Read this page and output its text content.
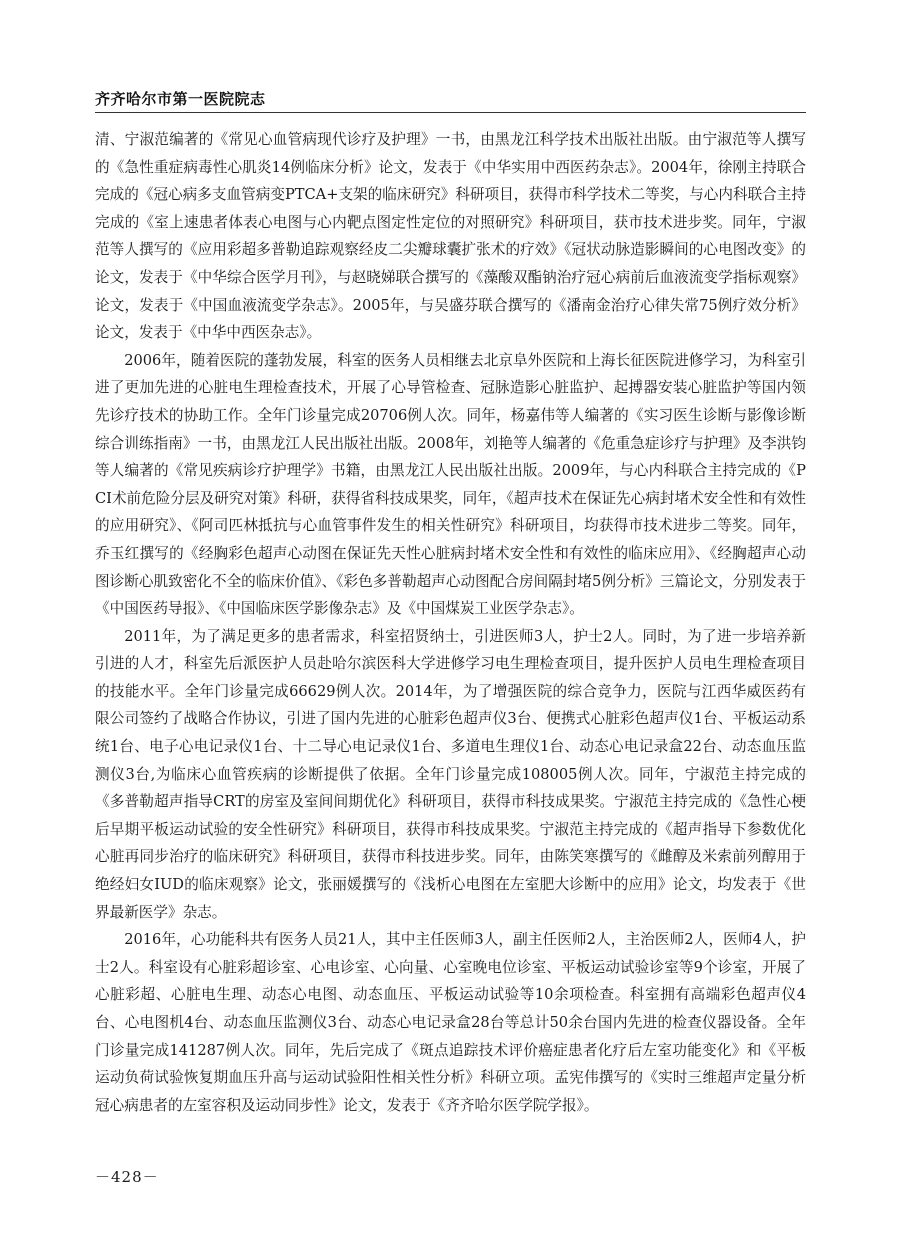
齐齐哈尔市第一医院院志

清、宁淑范编著的《常见心血管病现代诊疗及护理》一书，由黑龙江科学技术出版社出版。由宁淑范等人撰写的《急性重症病毒性心肌炎14例临床分析》论文，发表于《中华实用中西医药杂志》。2004年，徐刚主持联合完成的《冠心病多支血管病变PTCA+支架的临床研究》科研项目，获得市科学技术二等奖，与心内科联合主持完成的《室上速患者体表心电图与心内靶点图定性定位的对照研究》科研项目，获市技术进步奖。同年，宁淑范等人撰写的《应用彩超多普勒追踪观察经皮二尖瓣球囊扩张术的疗效》《冠状动脉造影瞬间的心电图改变》的论文，发表于《中华综合医学月刊》，与赵晓娣联合撰写的《藻酸双酯钠治疗冠心病前后血液流变学指标观察》论文，发表于《中国血液流变学杂志》。2005年，与吴盛芬联合撰写的《潘南金治疗心律失常75例疗效分析》论文，发表于《中华中西医杂志》。

2006年，随着医院的蓬勃发展，科室的医务人员相继去北京阜外医院和上海长征医院进修学习，为科室引进了更加先进的心脏电生理检查技术，开展了心导管检查、冠脉造影心脏监护、起搏器安装心脏监护等国内领先诊疗技术的协助工作。全年门诊量完成20706例人次。同年，杨嘉伟等人编著的《实习医生诊断与影像诊断综合训练指南》一书，由黑龙江人民出版社出版。2008年，刘艳等人编著的《危重急症诊疗与护理》及李洪钧等人编著的《常见疾病诊疗护理学》书籍，由黑龙江人民出版社出版。2009年，与心内科联合主持完成的《PCI术前危险分层及研究对策》科研，获得省科技成果奖，同年，《超声技术在保证先心病封堵术安全性和有效性的应用研究》、《阿司匹林抵抗与心血管事件发生的相关性研究》科研项目，均获得市技术进步二等奖。同年，乔玉红撰写的《经胸彩色超声心动图在保证先天性心脏病封堵术安全性和有效性的临床应用》、《经胸超声心动图诊断心肌致密化不全的临床价值》、《彩色多普勒超声心动图配合房间隔封堵5例分析》三篇论文，分别发表于《中国医药导报》、《中国临床医学影像杂志》及《中国煤炭工业医学杂志》。

2011年，为了满足更多的患者需求，科室招贤纳士，引进医师3人，护士2人。同时，为了进一步培养新引进的人才，科室先后派医护人员赴哈尔滨医科大学进修学习电生理检查项目，提升医护人员电生理检查项目的技能水平。全年门诊量完成66629例人次。2014年，为了增强医院的综合竞争力，医院与江西华威医药有限公司签约了战略合作协议，引进了国内先进的心脏彩色超声仪3台、便携式心脏彩色超声仪1台、平板运动系统1台、电子心电记录仪1台、十二导心电记录仪1台、多道电生理仪1台、动态心电记录盒22台、动态血压监测仪3台,为临床心血管疾病的诊断提供了依据。全年门诊量完成108005例人次。同年，宁淑范主持完成的《多普勒超声指导CRT的房室及室间间期优化》科研项目，获得市科技成果奖。宁淑范主持完成的《急性心梗后早期平板运动试验的安全性研究》科研项目，获得市科技成果奖。宁淑范主持完成的《超声指导下参数优化心脏再同步治疗的临床研究》科研项目，获得市科技进步奖。同年，由陈笑寒撰写的《雌醇及米索前列醇用于绝经妇女IUD的临床观察》论文，张丽媛撰写的《浅析心电图在左室肥大诊断中的应用》论文，均发表于《世界最新医学》杂志。

2016年，心功能科共有医务人员21人，其中主任医师3人，副主任医师2人，主治医师2人，医师4人，护士2人。科室设有心脏彩超诊室、心电诊室、心向量、心室晚电位诊室、平板运动试验诊室等9个诊室，开展了心脏彩超、心脏电生理、动态心电图、动态血压、平板运动试验等10余项检查。科室拥有高端彩色超声仪4台、心电图机4台、动态血压监测仪3台、动态心电记录盒28台等总计50余台国内先进的检查仪器设备。全年门诊量完成141287例人次。同年，先后完成了《斑点追踪技术评价癌症患者化疗后左室功能变化》和《平板运动负荷试验恢复期血压升高与运动试验阳性相关性分析》科研立项。孟宪伟撰写的《实时三维超声定量分析冠心病患者的左室容积及运动同步性》论文，发表于《齐齐哈尔医学院学报》。

－428－
